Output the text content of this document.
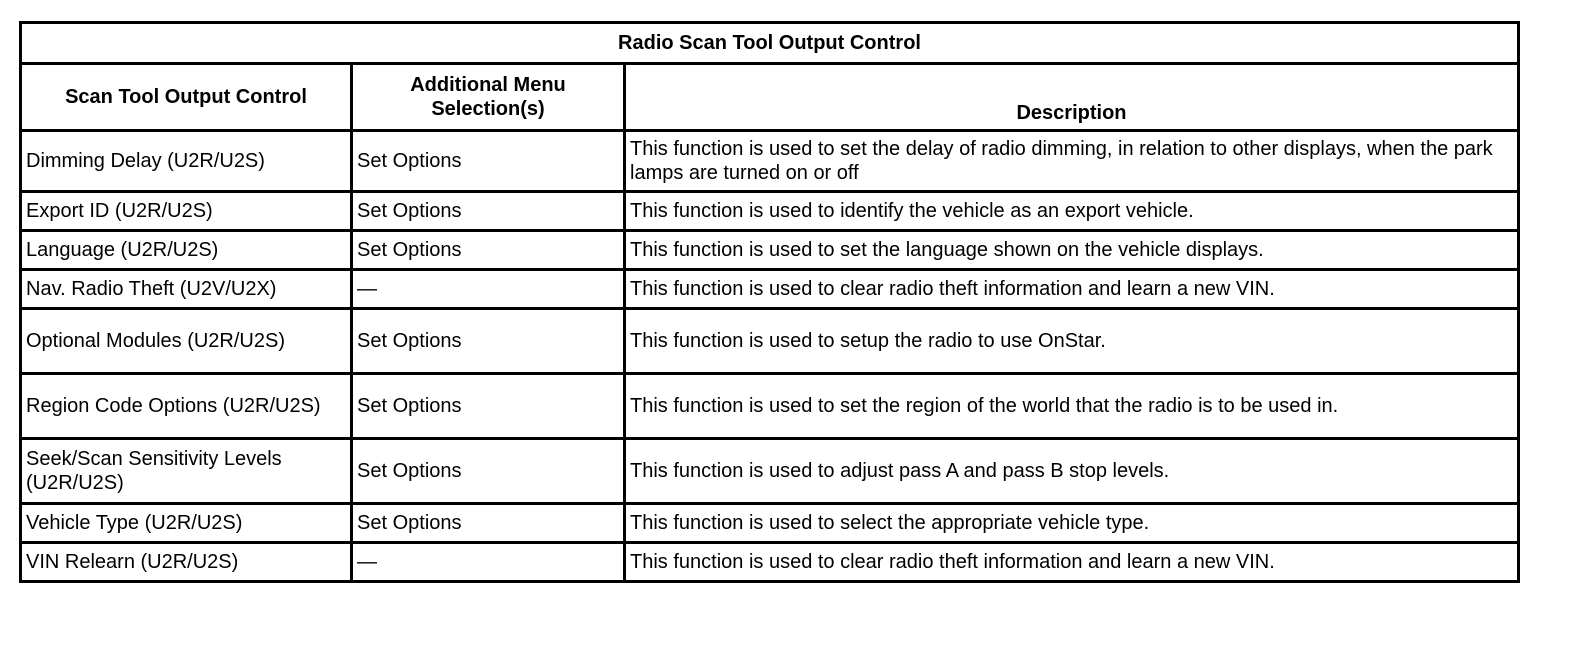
Radio Scan Tool Output Control		
Scan Tool Output Control	Additional Menu Selection(s)	Description
Dimming Delay (U2R/U2S)	Set Options	This function is used to set the delay of radio dimming, in relation to other displays, when the park lamps are turned on or off
Export ID (U2R/U2S)	Set Options	This function is used to identify the vehicle as an export vehicle.
Language (U2R/U2S)	Set Options	This function is used to set the language shown on the vehicle displays.
Nav. Radio Theft (U2V/U2X)	—	This function is used to clear radio theft information and learn a new VIN.
Optional Modules (U2R/U2S)	Set Options	This function is used to setup the radio to use OnStar.
Region Code Options (U2R/U2S)	Set Options	This function is used to set the region of the world that the radio is to be used in.
Seek/Scan Sensitivity Levels (U2R/U2S)	Set Options	This function is used to adjust pass A and pass B stop levels.
Vehicle Type (U2R/U2S)	Set Options	This function is used to select the appropriate vehicle type.
VIN Relearn (U2R/U2S)	—	This function is used to clear radio theft information and learn a new VIN.
